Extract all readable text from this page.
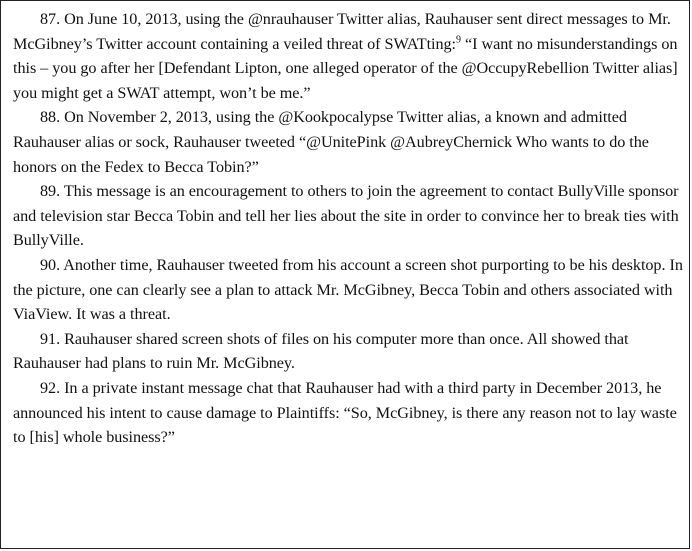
87. On June 10, 2013, using the @nrauhauser Twitter alias, Rauhauser sent direct messages to Mr.
McGibney’s Twitter account containing a veiled threat of SWATting:$^9$ “I want no misunderstandings on
this – you go after her [Defendant Lipton, one alleged operator of the @OccupyRebellion Twitter alias]
you might get a SWAT attempt, won’t be me.”
88. On November 2, 2013, using the @Kookpocalypse Twitter alias, a known and admitted
Rauhauser alias or sock, Rauhauser tweeted “@UnitePink @AubreyChernick Who wants to do the
honors on the Fedex to Becca Tobin?”
89. This message is an encouragement to others to join the agreement to contact BullyVille sponsor
and television star Becca Tobin and tell her lies about the site in order to convince her to break ties with
BullyVille.
90. Another time, Rauhauser tweeted from his account a screen shot purporting to be his desktop. In
the picture, one can clearly see a plan to attack Mr. McGibney, Becca Tobin and others associated with
ViaView. It was a threat.
91. Rauhauser shared screen shots of files on his computer more than once. All showed that
Rauhauser had plans to ruin Mr. McGibney.
92. In a private instant message chat that Rauhauser had with a third party in December 2013, he
announced his intent to cause damage to Plaintiffs: “So, McGibney, is there any reason not to lay waste
to [his] whole business?”
